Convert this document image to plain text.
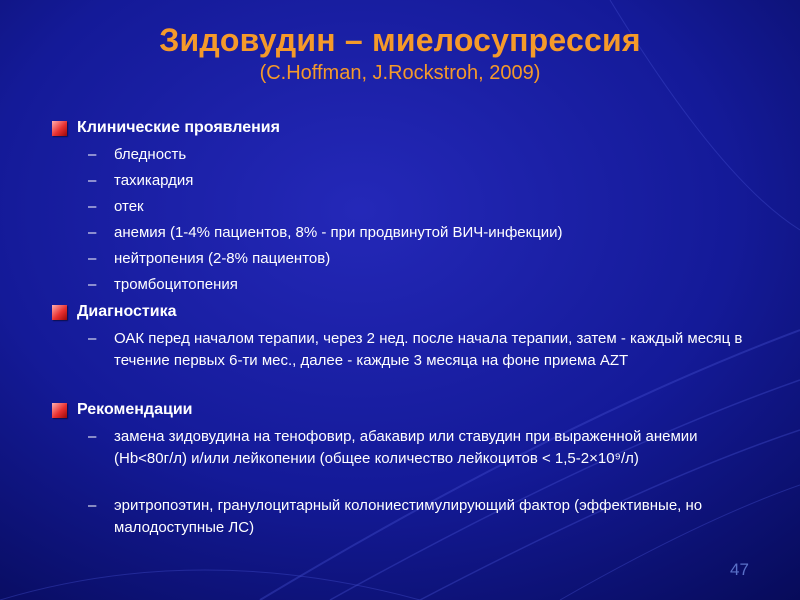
Зидовудин – миелосупрессия
(C.Hoffman, J.Rockstroh, 2009)
Клинические проявления
– бледность
– тахикардия
– отек
– анемия (1-4% пациентов, 8% - при продвинутой ВИЧ-инфекции)
– нейтропения (2-8% пациентов)
– тромбоцитопения
Диагностика
– ОАК перед началом терапии, через 2 нед. после начала терапии, затем - каждый месяц в течение первых 6-ти мес., далее - каждые 3 месяца на фоне приема AZT
Рекомендации
– замена зидовудина на тенофовир, абакавир или ставудин при выраженной анемии (Hb<80г/л) и/или лейкопении (общее количество лейкоцитов < 1,5-2×10⁹/л)
– эритропоэтин, гранулоцитарный колониестимулирующий фактор (эффективные, но малодоступные ЛС)
47
